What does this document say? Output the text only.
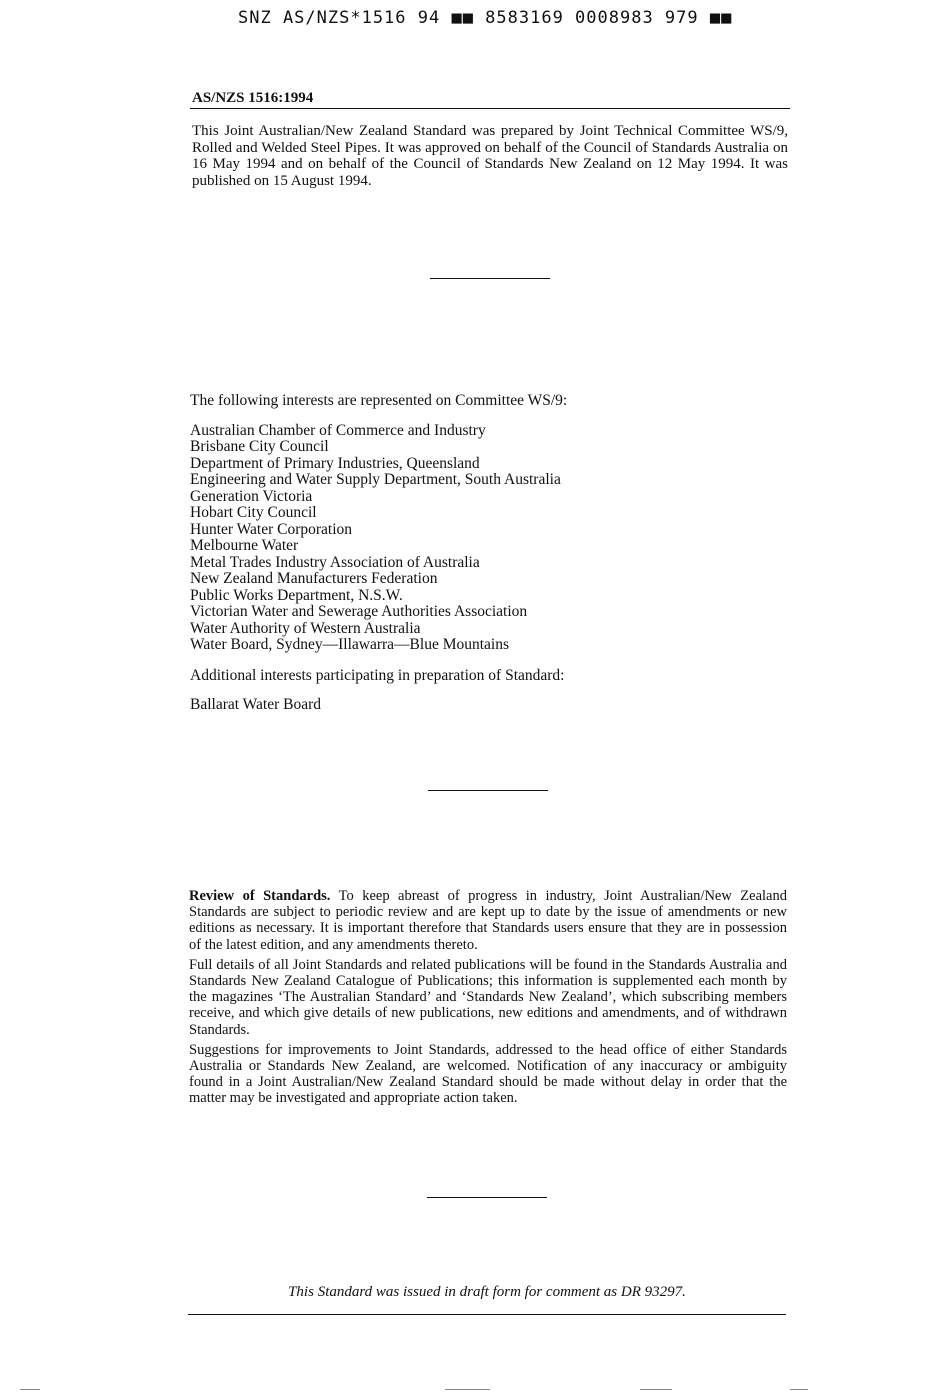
SNZ AS/NZS*1516 94 ■■ 8583169 0008983 979 ■■
AS/NZS 1516:1994
This Joint Australian/New Zealand Standard was prepared by Joint Technical Committee WS/9, Rolled and Welded Steel Pipes. It was approved on behalf of the Council of Standards Australia on 16 May 1994 and on behalf of the Council of Standards New Zealand on 12 May 1994. It was published on 15 August 1994.
The following interests are represented on Committee WS/9:
Australian Chamber of Commerce and Industry
Brisbane City Council
Department of Primary Industries, Queensland
Engineering and Water Supply Department, South Australia
Generation Victoria
Hobart City Council
Hunter Water Corporation
Melbourne Water
Metal Trades Industry Association of Australia
New Zealand Manufacturers Federation
Public Works Department, N.S.W.
Victorian Water and Sewerage Authorities Association
Water Authority of Western Australia
Water Board, Sydney—Illawarra—Blue Mountains
Additional interests participating in preparation of Standard:
Ballarat Water Board

Review of Standards. To keep abreast of progress in industry, Joint Australian/New Zealand Standards are subject to periodic review and are kept up to date by the issue of amendments or new editions as necessary. It is important therefore that Standards users ensure that they are in possession of the latest edition, and any amendments thereto.

Full details of all Joint Standards and related publications will be found in the Standards Australia and Standards New Zealand Catalogue of Publications; this information is supplemented each month by the magazines ‘The Australian Standard’ and ‘Standards New Zealand’, which subscribing members receive, and which give details of new publications, new editions and amendments, and of withdrawn Standards.

Suggestions for improvements to Joint Standards, addressed to the head office of either Standards Australia or Standards New Zealand, are welcomed. Notification of any inaccuracy or ambiguity found in a Joint Australian/New Zealand Standard should be made without delay in order that the matter may be investigated and appropriate action taken.

This Standard was issued in draft form for comment as DR 93297.
